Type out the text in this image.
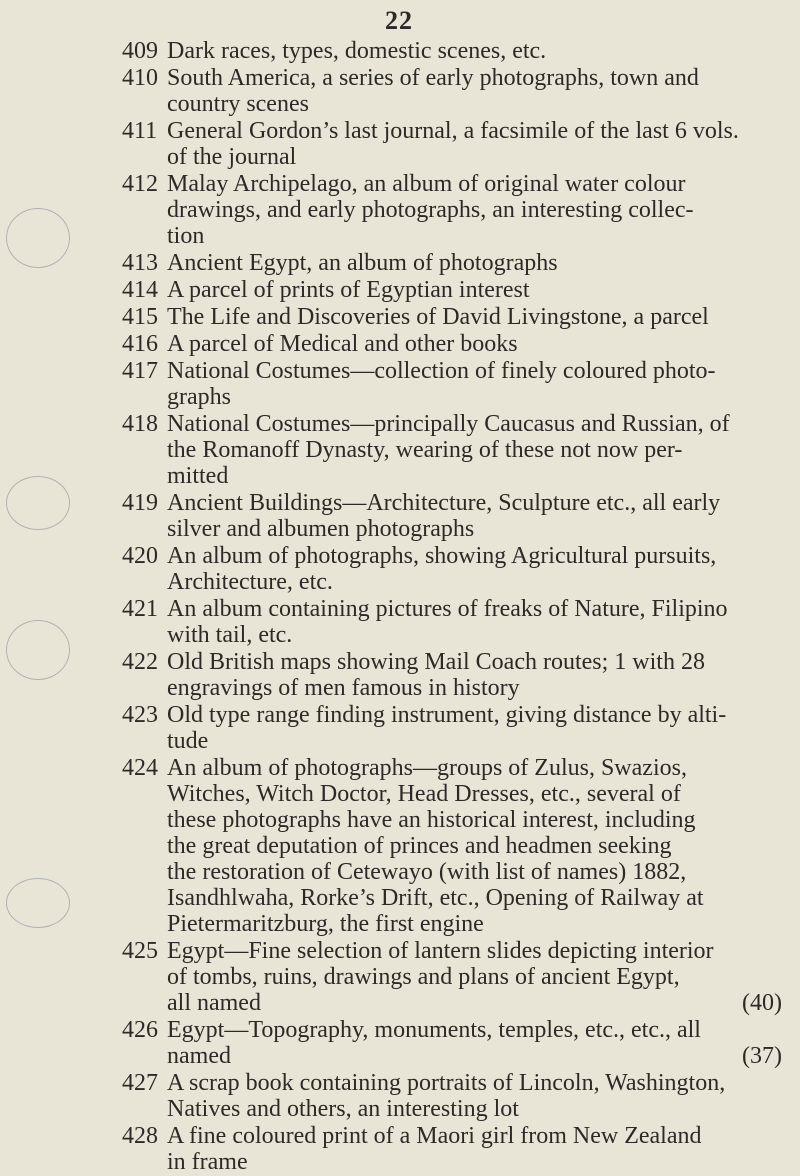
22
409 Dark races, types, domestic scenes, etc.
410 South America, a series of early photographs, town and
country scenes
411 General Gordon’s last journal, a facsimile of the last 6 vols.
of the journal
412 Malay Archipelago, an album of original water colour
drawings, and early photographs, an interesting collec-
tion
413 Ancient Egypt, an album of photographs
414 A parcel of prints of Egyptian interest
415 The Life and Discoveries of David Livingstone, a parcel
416 A parcel of Medical and other books
417 National Costumes—collection of finely coloured photo-
graphs
418 National Costumes—principally Caucasus and Russian, of
the Romanoff Dynasty, wearing of these not now per-
mitted
419 Ancient Buildings—Architecture, Sculpture etc., all early
silver and albumen photographs
420 An album of photographs, showing Agricultural pursuits,
Architecture, etc.
421 An album containing pictures of freaks of Nature, Filipino
with tail, etc.
422 Old British maps showing Mail Coach routes; 1 with 28
engravings of men famous in history
423 Old type range finding instrument, giving distance by alti-
tude
424 An album of photographs—groups of Zulus, Swazios,
Witches, Witch Doctor, Head Dresses, etc., several of
these photographs have an historical interest, including
the great deputation of princes and headmen seeking
the restoration of Cetewayo (with list of names) 1882,
Isandhlwaha, Rorke’s Drift, etc., Opening of Railway at
Pietermaritzburg, the first engine
425 Egypt—Fine selection of lantern slides depicting interior
of tombs, ruins, drawings and plans of ancient Egypt,
all named	(40)
426 Egypt—Topography, monuments, temples, etc., etc., all
named	(37)
427 A scrap book containing portraits of Lincoln, Washington,
Natives and others, an interesting lot
428 A fine coloured print of a Maori girl from New Zealand
in frame
